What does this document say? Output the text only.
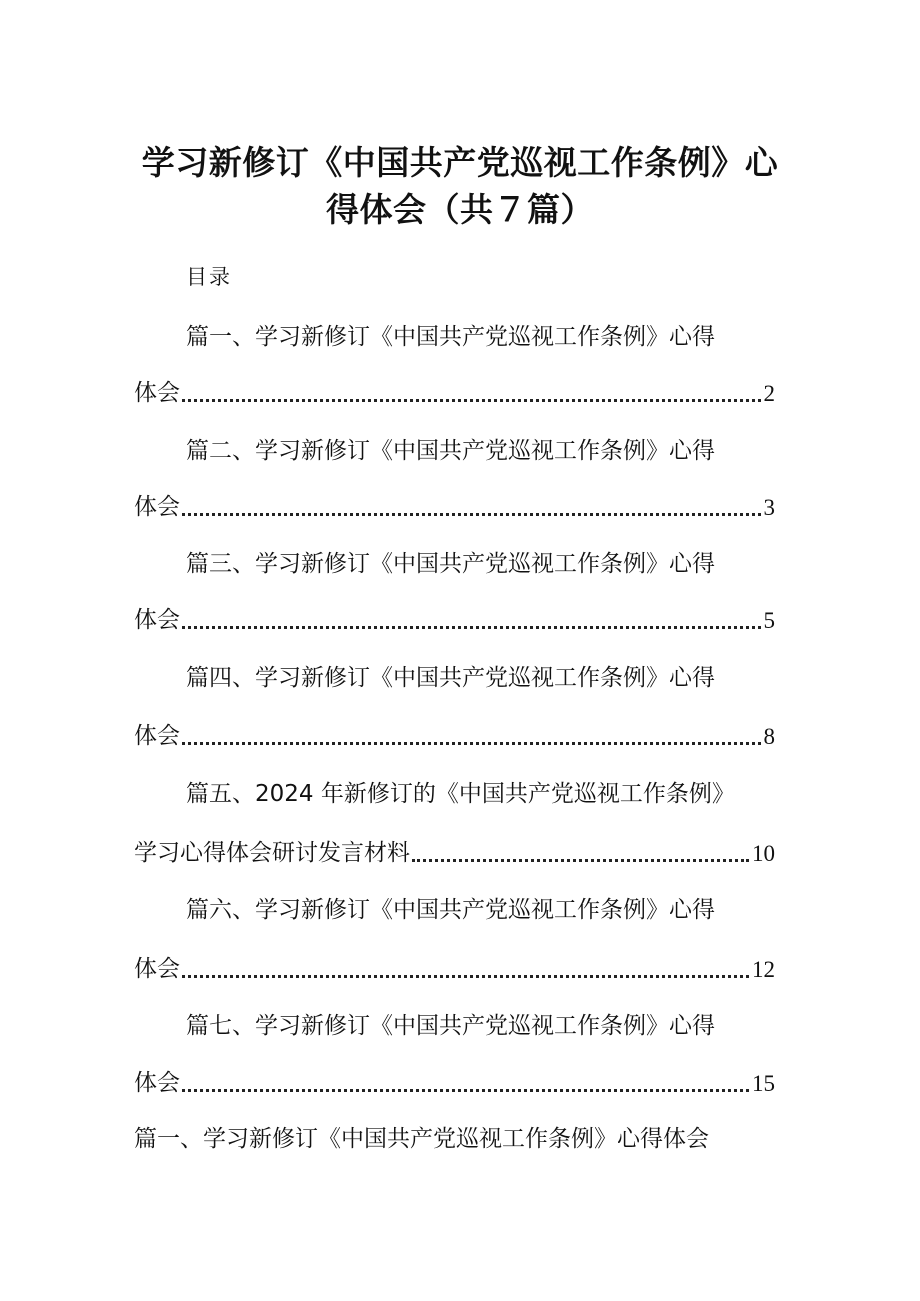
学习新修订《中国共产党巡视工作条例》心
得体会（共７篇）
目录
篇一、学习新修订《中国共产党巡视工作条例》心得
体会	2
篇二、学习新修订《中国共产党巡视工作条例》心得
体会	3
篇三、学习新修订《中国共产党巡视工作条例》心得
体会	5
篇四、学习新修订《中国共产党巡视工作条例》心得
体会	8
篇五、2024 年新修订的《中国共产党巡视工作条例》
学习心得体会研讨发言材料	10
篇六、学习新修订《中国共产党巡视工作条例》心得
体会	12
篇七、学习新修订《中国共产党巡视工作条例》心得
体会	15
篇一、学习新修订《中国共产党巡视工作条例》心得体会
